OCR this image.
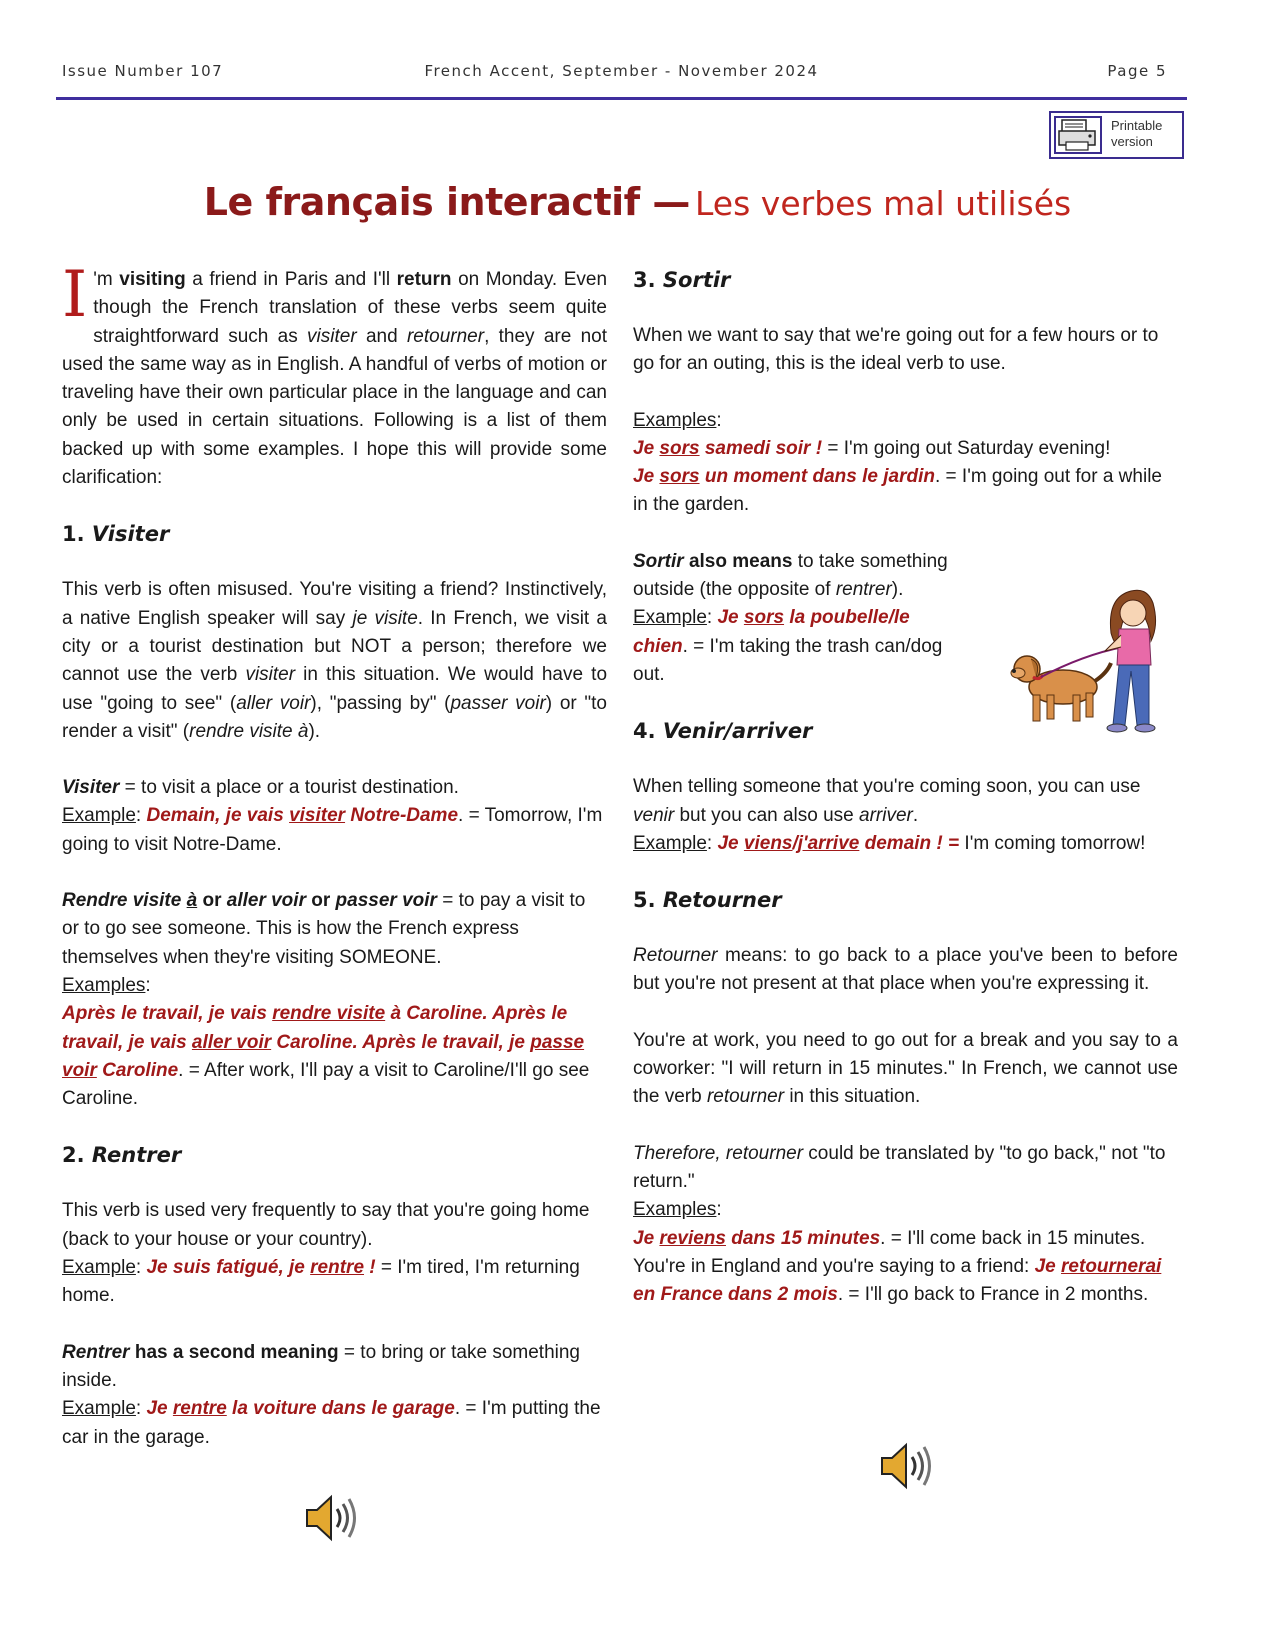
Issue Number 107	French Accent, September - November 2024	Page 5
Printable
version
Le français interactif — Les verbes mal utilisés
I 'm visiting a friend in Paris and I'll return on Monday. Even though the French translation of these verbs seem quite straightforward such as visiter and retourner, they are not used the same way as in English. A handful of verbs of motion or traveling have their own particular place in the language and can only be used in certain situations. Following is a list of them backed up with some examples. I hope this will provide some clarification:
1. Visiter
This verb is often misused. You're visiting a friend? Instinctively, a native English speaker will say je visite. In French, we visit a city or a tourist destination but NOT a person; therefore we cannot use the verb visiter in this situation. We would have to use "going to see" (aller voir), "passing by" (passer voir) or "to render a visit" (rendre visite à).
Visiter = to visit a place or a tourist destination.
Example: Demain, je vais visiter Notre-Dame. = Tomorrow, I'm going to visit Notre-Dame.
Rendre visite à or aller voir or passer voir = to pay a visit to or to go see someone. This is how the French express themselves when they're visiting SOMEONE.
Examples:
Après le travail, je vais rendre visite à Caroline. Après le travail, je vais aller voir Caroline. Après le travail, je passe voir Caroline. = After work, I'll pay a visit to Caroline/I'll go see Caroline.
2. Rentrer
This verb is used very frequently to say that you're going home (back to your house or your country).
Example: Je suis fatigué, je rentre ! = I'm tired, I'm returning home.
Rentrer has a second meaning = to bring or take something inside.
Example: Je rentre la voiture dans le garage. = I'm putting the car in the garage.
3. Sortir
When we want to say that we're going out for a few hours or to go for an outing, this is the ideal verb to use.
Examples:
Je sors samedi soir ! = I'm going out Saturday evening!
Je sors un moment dans le jardin. = I'm going out for a while in the garden.
Sortir also means to take something outside (the opposite of rentrer).
Example: Je sors la poubelle/le chien. = I'm taking the trash can/dog out.
4. Venir/arriver
When telling someone that you're coming soon, you can use venir but you can also use arriver.
Example: Je viens/j'arrive demain ! = I'm coming tomorrow!
5. Retourner
Retourner means: to go back to a place you've been to before but you're not present at that place when you're expressing it.
You're at work, you need to go out for a break and you say to a coworker: "I will return in 15 minutes." In French, we cannot use the verb retourner in this situation.
Therefore, retourner could be translated by "to go back," not "to return."
Examples:
Je reviens dans 15 minutes. = I'll come back in 15 minutes.
You're in England and you're saying to a friend: Je retournerai en France dans 2 mois. = I'll go back to France in 2 months.
